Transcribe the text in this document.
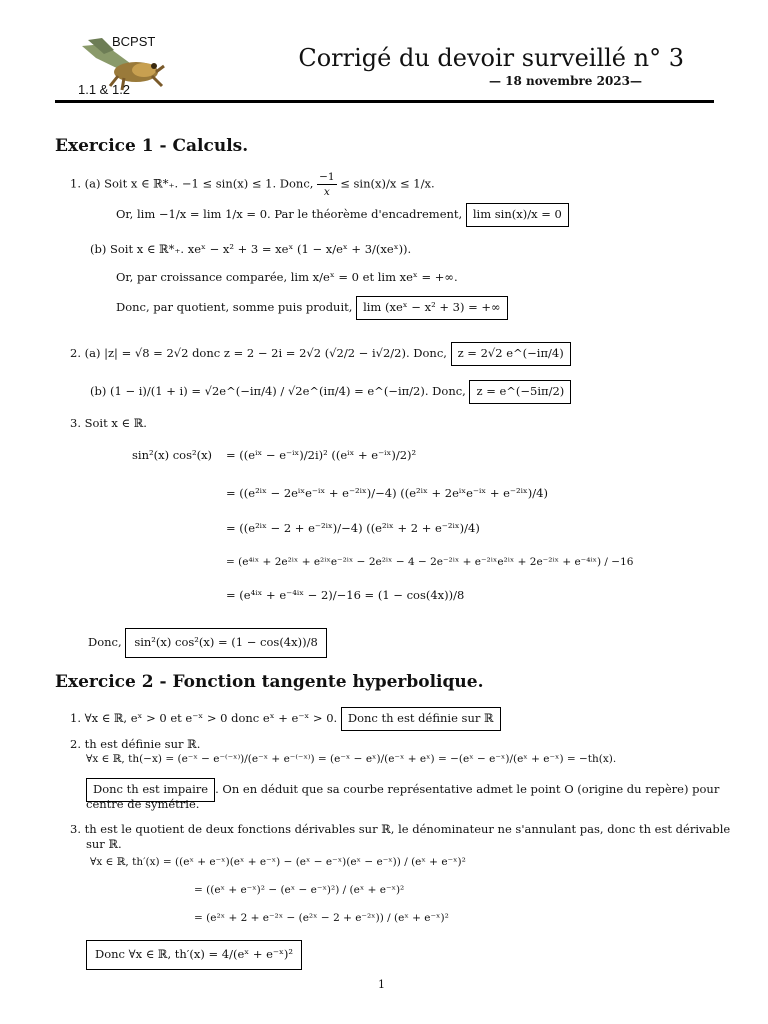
BCPST
1.1 & 1.2
Corrigé du devoir surveillé n° 3
— 18 novembre 2023—
Exercice 1 - Calculs.
1. (a) Soit x ∈ ℝ*₊. −1 ≤ sin(x) ≤ 1. Donc, $\frac{-1}{x} \le \sin(x)/x \le 1/x$.
Or, lim −1/x = lim 1/x = 0. Par le théorème d'encadrement, lim sin(x)/x = 0
(b) Soit x ∈ ℝ*₊. xeˣ − x² + 3 = xeˣ (1 − x/eˣ + 3/(xeˣ)).
Or, par croissance comparée, lim x/eˣ = 0 et lim xeˣ = +∞.
Donc, par quotient, somme puis produit, lim (xeˣ − x² + 3) = +∞
2. (a) |z| = √8 = 2√2 donc z = 2 − 2i = 2√2 (√2/2 − i√2/2). Donc, z = 2√2 e^(−iπ/4)
(b) (1 − i)/(1 + i) = √2e^(−iπ/4) / √2e^(iπ/4) = e^(−iπ/2). Donc, z = e^(−5iπ/2)
3. Soit x ∈ ℝ.
sin²(x) cos²(x) = ((eⁱˣ − e⁻ⁱˣ)/2i)² ((eⁱˣ + e⁻ⁱˣ)/2)²
= ((e²ⁱˣ − 2eⁱˣe⁻ⁱˣ + e⁻²ⁱˣ)/−4) ((e²ⁱˣ + 2eⁱˣe⁻ⁱˣ + e⁻²ⁱˣ)/4)
= ((e²ⁱˣ − 2 + e⁻²ⁱˣ)/−4) ((e²ⁱˣ + 2 + e⁻²ⁱˣ)/4)
= (e⁴ⁱˣ + 2e²ⁱˣ + e²ⁱˣe⁻²ⁱˣ − 2e²ⁱˣ − 4 − 2e⁻²ⁱˣ + e⁻²ⁱˣe²ⁱˣ + 2e⁻²ⁱˣ + e⁻⁴ⁱˣ) / −16
= (e⁴ⁱˣ + e⁻⁴ⁱˣ − 2)/−16 = (1 − cos(4x))/8
Donc, sin²(x) cos²(x) = (1 − cos(4x))/8
Exercice 2 - Fonction tangente hyperbolique.
1. ∀x ∈ ℝ, eˣ > 0 et e⁻ˣ > 0 donc eˣ + e⁻ˣ > 0. Donc th est définie sur ℝ
2. th est définie sur ℝ.
∀x ∈ ℝ, th(−x) = (e⁻ˣ − e⁻⁽⁻ˣ⁾)/(e⁻ˣ + e⁻⁽⁻ˣ⁾) = (e⁻ˣ − eˣ)/(e⁻ˣ + eˣ) = −(eˣ − e⁻ˣ)/(eˣ + e⁻ˣ) = −th(x).
Donc th est impaire . On en déduit que sa courbe représentative admet le point O (origine du repère) pour
centre de symétrie.
3. th est le quotient de deux fonctions dérivables sur ℝ, le dénominateur ne s'annulant pas, donc th est dérivable
sur ℝ.
∀x ∈ ℝ, th′(x) = ((eˣ + e⁻ˣ)(eˣ + e⁻ˣ) − (eˣ − e⁻ˣ)(eˣ − e⁻ˣ)) / (eˣ + e⁻ˣ)²
= ((eˣ + e⁻ˣ)² − (eˣ − e⁻ˣ)²) / (eˣ + e⁻ˣ)²
= (e²ˣ + 2 + e⁻²ˣ − (e²ˣ − 2 + e⁻²ˣ)) / (eˣ + e⁻ˣ)²
Donc ∀x ∈ ℝ, th′(x) = 4/(eˣ + e⁻ˣ)²
1
